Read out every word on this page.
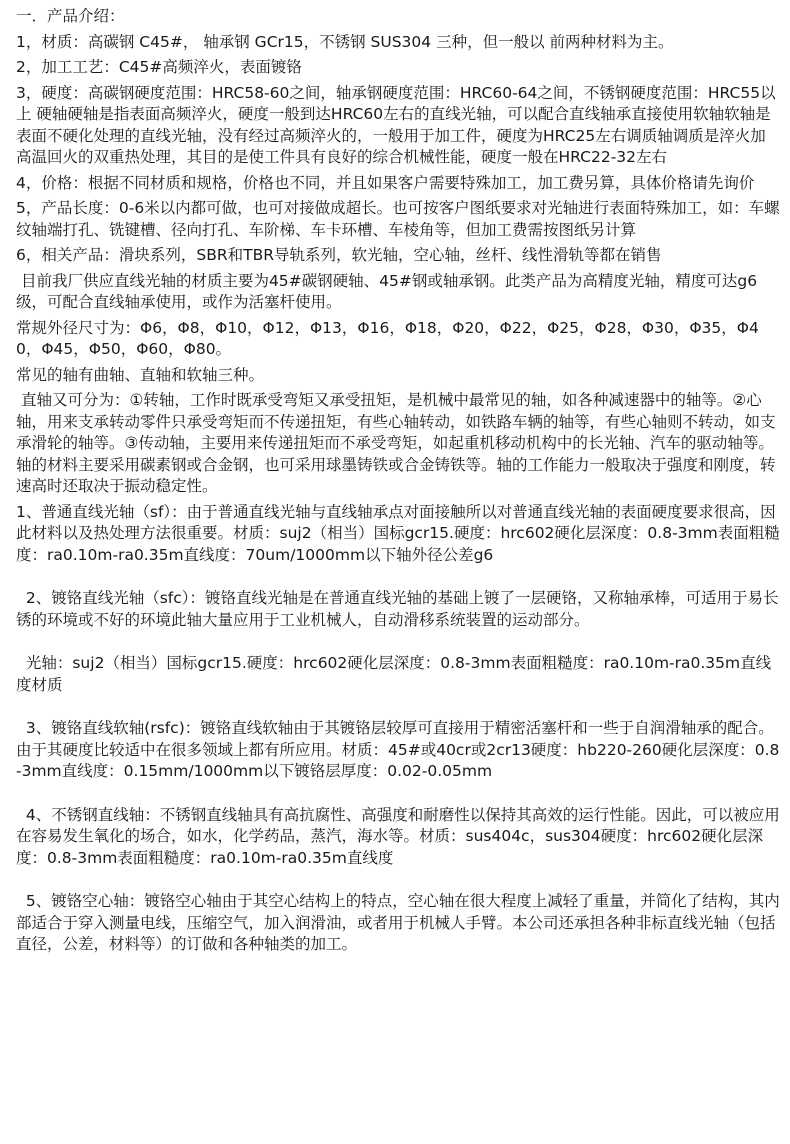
一．产品介绍：
1，材质：高碳钢 C45#， 轴承钢 GCr15，不锈钢 SUS304 三种，但一般以 前两种材料为主。
2，加工工艺：C45#高频淬火，表面镀铬
3，硬度：高碳钢硬度范围：HRC58-60之间，轴承钢硬度范围：HRC60-64之间，不锈钢硬度范围：HRC55以上 硬轴硬轴是指表面高频淬火，硬度一般到达HRC60左右的直线光轴，可以配合直线轴承直接使用软轴软轴是表面不硬化处理的直线光轴，没有经过高频淬火的，一般用于加工件，硬度为HRC25左右调质轴调质是淬火加高温回火的双重热处理，其目的是使工件具有良好的综合机械性能，硬度一般在HRC22-32左右
4，价格：根据不同材质和规格，价格也不同，并且如果客户需要特殊加工，加工费另算，具体价格请先询价
5，产品长度：0-6米以内都可做，也可对接做成超长。也可按客户图纸要求对光轴进行表面特殊加工，如：车螺纹轴端打孔、铣键槽、径向打孔、车阶梯、车卡环槽、车棱角等，但加工费需按图纸另计算
6，相关产品：滑块系列，SBR和TBR导轨系列，软光轴，空心轴，丝杆、线性滑轨等都在销售
目前我厂供应直线光轴的材质主要为45#碳钢硬轴、45#钢或轴承钢。此类产品为高精度光轴，精度可达g6级，可配合直线轴承使用，或作为活塞杆使用。
常规外径尺寸为：Φ6，Φ8，Φ10，Φ12，Φ13，Φ16，Φ18，Φ20，Φ22，Φ25，Φ28，Φ30，Φ35，Φ40，Φ45，Φ50，Φ60，Φ80。
常见的轴有曲轴、直轴和软轴三种。
直轴又可分为：①转轴，工作时既承受弯矩又承受扭矩，是机械中最常见的轴，如各种减速器中的轴等。②心轴，用来支承转动零件只承受弯矩而不传递扭矩，有些心轴转动，如铁路车辆的轴等，有些心轴则不转动，如支承滑轮的轴等。③传动轴，主要用来传递扭矩而不承受弯矩，如起重机移动机构中的长光轴、汽车的驱动轴等。轴的材料主要采用碳素钢或合金钢，也可采用球墨铸铁或合金铸铁等。轴的工作能力一般取决于强度和刚度，转速高时还取决于振动稳定性。
1、普通直线光轴（sf）：由于普通直线光轴与直线轴承点对面接触所以对普通直线光轴的表面硬度要求很高，因此材料以及热处理方法很重要。材质：suj2（相当）国标gcr15.硬度：hrc602硬化层深度：0.8-3mm表面粗糙度：ra0.10m-ra0.35m直线度：70um/1000mm以下轴外径公差g6
2、镀铬直线光轴（sfc）：镀铬直线光轴是在普通直线光轴的基础上镀了一层硬铬，又称轴承棒，可适用于易长锈的环境或不好的环境此轴大量应用于工业机械人，自动滑移系统装置的运动部分。
光轴：suj2（相当）国标gcr15.硬度：hrc602硬化层深度：0.8-3mm表面粗糙度：ra0.10m-ra0.35m直线度材质
3、镀铬直线软轴(rsfc)：镀铬直线软轴由于其镀铬层较厚可直接用于精密活塞杆和一些于自润滑轴承的配合。由于其硬度比较适中在很多领域上都有所应用。材质：45#或40cr或2cr13硬度：hb220-260硬化层深度：0.8-3mm直线度：0.15mm/1000mm以下镀铬层厚度：0.02-0.05mm
4、不锈钢直线轴：不锈钢直线轴具有高抗腐性、高强度和耐磨性以保持其高效的运行性能。因此，可以被应用在容易发生氧化的场合，如水，化学药品，蒸汽，海水等。材质：sus404c，sus304硬度：hrc602硬化层深度：0.8-3mm表面粗糙度：ra0.10m-ra0.35m直线度
5、镀铬空心轴：镀铬空心轴由于其空心结构上的特点，空心轴在很大程度上减轻了重量，并简化了结构，其内部适合于穿入测量电线，压缩空气，加入润滑油，或者用于机械人手臂。本公司还承担各种非标直线光轴（包括直径，公差，材料等）的订做和各种轴类的加工。
